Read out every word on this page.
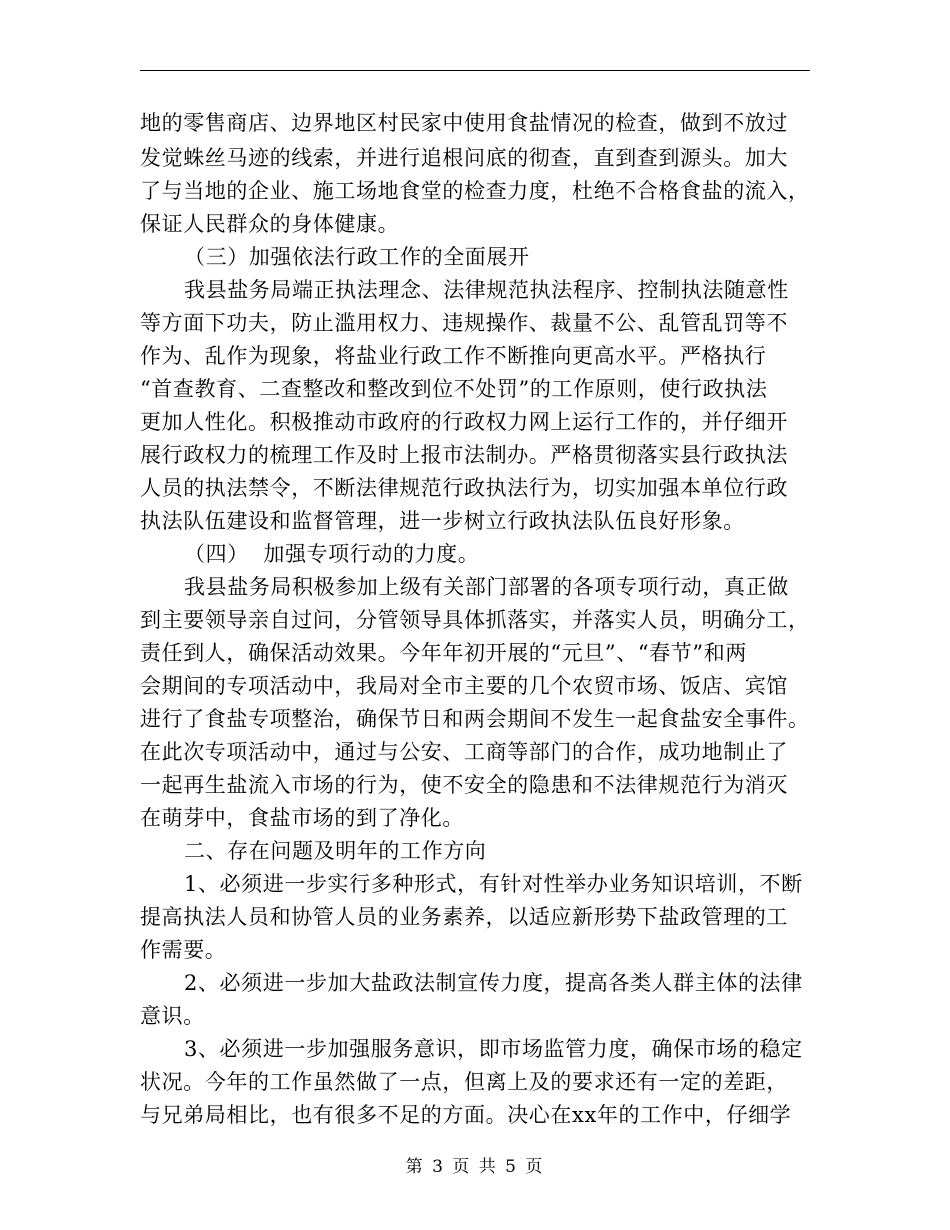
地的零售商店、边界地区村民家中使用食盐情况的检查，做到不放过
发觉蛛丝马迹的线索，并进行追根问底的彻查，直到查到源头。加大
了与当地的企业、施工场地食堂的检查力度，杜绝不合格食盐的流入，
保证人民群众的身体健康。
（三）加强依法行政工作的全面展开
我县盐务局端正执法理念、法律规范执法程序、控制执法随意性
等方面下功夫，防止滥用权力、违规操作、裁量不公、乱管乱罚等不
作为、乱作为现象，将盐业行政工作不断推向更高水平。严格执行
“首查教育、二查整改和整改到位不处罚”的工作原则，使行政执法
更加人性化。积极推动市政府的行政权力网上运行工作的，并仔细开
展行政权力的梳理工作及时上报市法制办。严格贯彻落实县行政执法
人员的执法禁令，不断法律规范行政执法行为，切实加强本单位行政
执法队伍建设和监督管理，进一步树立行政执法队伍良好形象。
（四）  加强专项行动的力度。
我县盐务局积极参加上级有关部门部署的各项专项行动，真正做
到主要领导亲自过问，分管领导具体抓落实，并落实人员，明确分工，
责任到人，确保活动效果。今年年初开展的“元旦”、“春节”和两
会期间的专项活动中，我局对全市主要的几个农贸市场、饭店、宾馆
进行了食盐专项整治，确保节日和两会期间不发生一起食盐安全事件。
在此次专项活动中，通过与公安、工商等部门的合作，成功地制止了
一起再生盐流入市场的行为，使不安全的隐患和不法律规范行为消灭
在萌芽中，食盐市场的到了净化。
二、存在问题及明年的工作方向
1、必须进一步实行多种形式，有针对性举办业务知识培训，不断
提高执法人员和协管人员的业务素养，以适应新形势下盐政管理的工
作需要。
2、必须进一步加大盐政法制宣传力度，提高各类人群主体的法律
意识。
3、必须进一步加强服务意识，即市场监管力度，确保市场的稳定
状况。今年的工作虽然做了一点，但离上及的要求还有一定的差距，
与兄弟局相比，也有很多不足的方面。决心在xx年的工作中，仔细学
第 3 页 共 5 页
